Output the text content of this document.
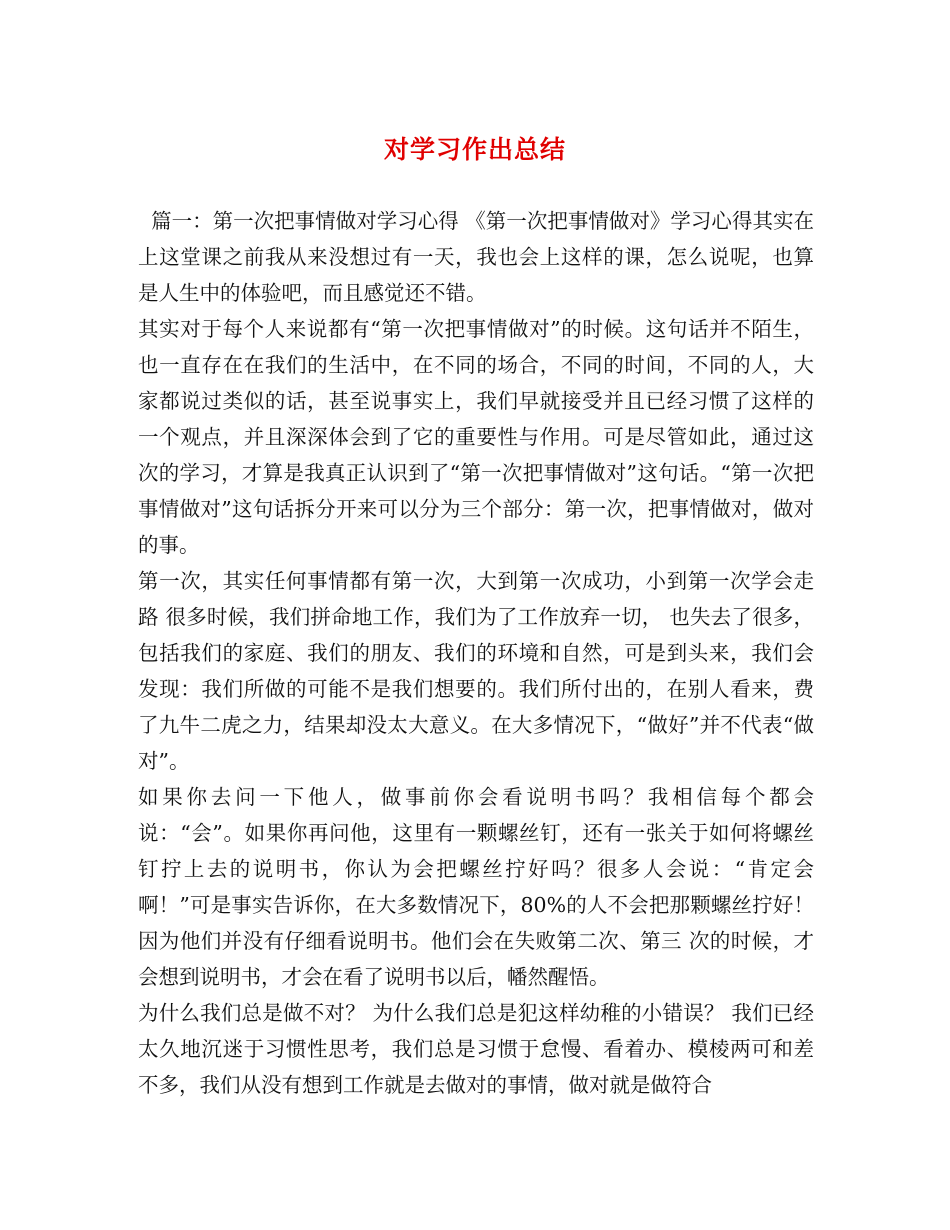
对学习作出总结

篇一：第一次把事情做对学习心得 《第一次把事情做对》学习心得其实在上这堂课之前我从来没想过有一天，我也会上这样的课，怎么说呢，也算是人生中的体验吧，而且感觉还不错。

其实对于每个人来说都有“第一次把事情做对”的时候。这句话并不陌生，也一直存在在我们的生活中，在不同的场合，不同的时间，不同的人，大家都说过类似的话，甚至说事实上，我们早就接受并且已经习惯了这样的一个观点，并且深深体会到了它的重要性与作用。可是尽管如此，通过这次的学习，才算是我真正认识到了“第一次把事情做对”这句话。“第一次把事情做对”这句话拆分开来可以分为三个部分：第一次，把事情做对，做对的事。

第一次，其实任何事情都有第一次，大到第一次成功，小到第一次学会走路 很多时候，我们拼命地工作，我们为了工作放弃一切， 也失去了很多，包括我们的家庭、我们的朋友、我们的环境和自然，可是到头来，我们会发现：我们所做的可能不是我们想要的。我们所付出的，在别人看来，费了九牛二虎之力，结果却没太大意义。在大多情况下，“做好”并不代表“做对”。

如果你去问一下他人，做事前你会看说明书吗？我相信每个都会说：“会”。如果你再问他，这里有一颗螺丝钉，还有一张关于如何将螺丝钉拧上去的说明书，你认为会把螺丝拧好吗？很多人会说：“肯定会啊！”可是事实告诉你，在大多数情况下，80%的人不会把那颗螺丝拧好！因为他们并没有仔细看说明书。他们会在失败第二次、第三 次的时候，才会想到说明书，才会在看了说明书以后，幡然醒悟。

为什么我们总是做不对？ 为什么我们总是犯这样幼稚的小错误？ 我们已经太久地沉迷于习惯性思考，我们总是习惯于怠慢、看着办、模棱两可和差不多，我们从没有想到工作就是去做对的事情，做对就是做符合
